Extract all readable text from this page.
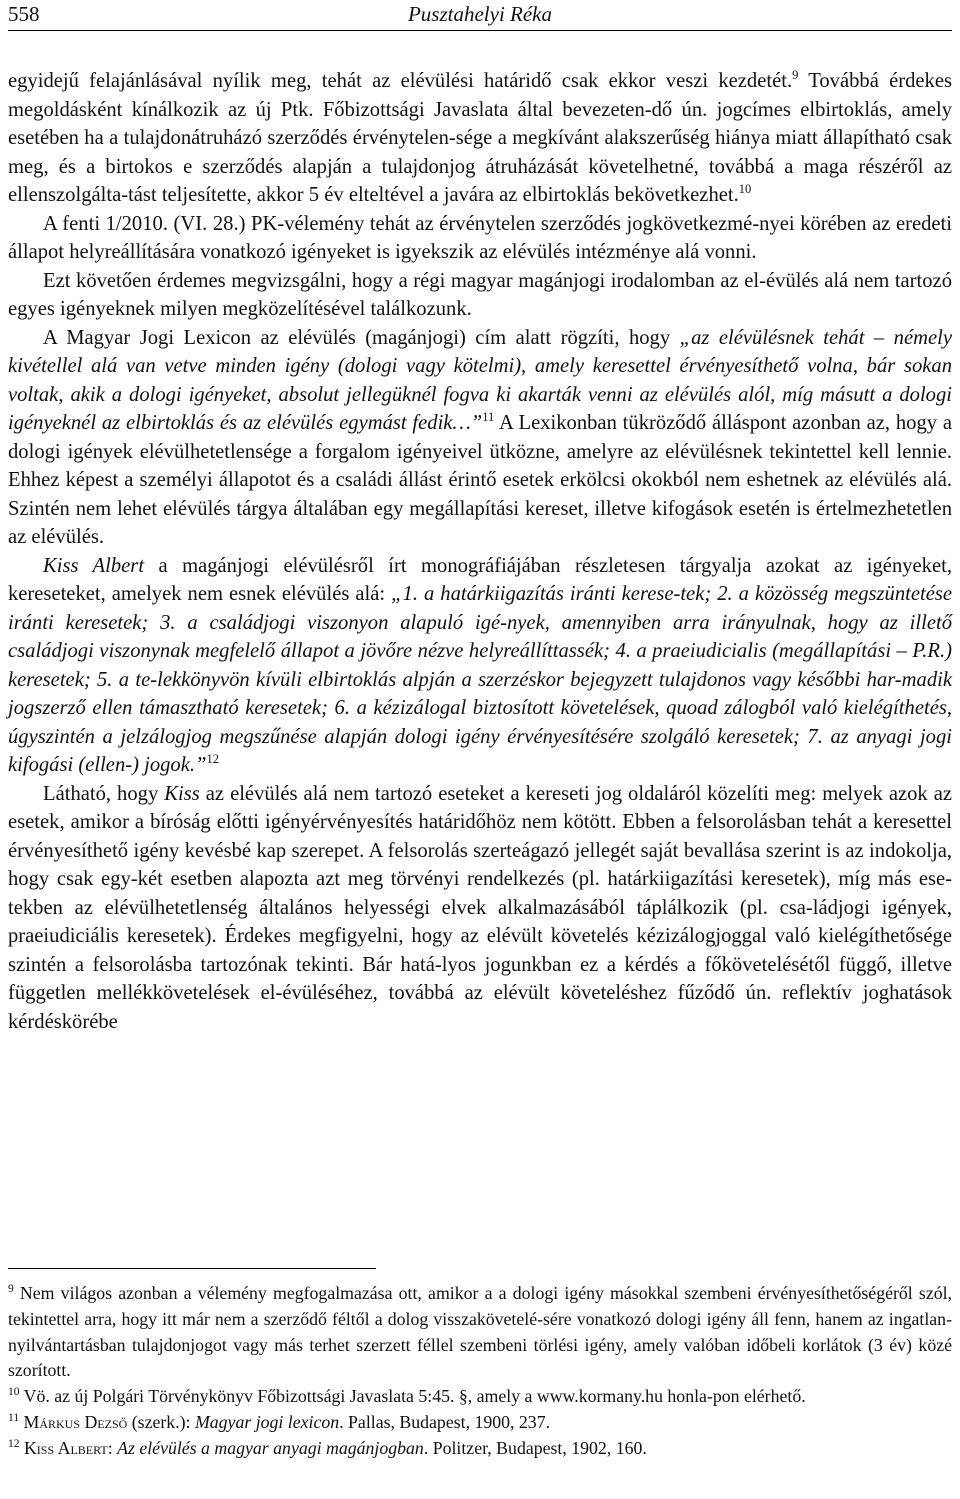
558	Pusztahelyi Réka

egyidejű felajánlásával nyílik meg, tehát az elévülési határidő csak ekkor veszi kezdetét.$^9$ Továbbá érdekes megoldásként kínálkozik az új Ptk. Főbizottsági Javaslata által bevezeten-dő ún. jogcímes elbirtoklás, amely esetében ha a tulajdonátruházó szerződés érvénytelen-sége a megkívánt alakszerűség hiánya miatt állapítható csak meg, és a birtokos e szerződés alapján a tulajdonjog átruházását követelhetné, továbbá a maga részéről az ellenszolgálta-tást teljesítette, akkor 5 év elteltével a javára az elbirtoklás bekövetkezhet.$^{10}$

A fenti 1/2010. (VI. 28.) PK-vélemény tehát az érvénytelen szerződés jogkövetkezmé-nyei körében az eredeti állapot helyreállítására vonatkozó igényeket is igyekszik az elévülés intézménye alá vonni.

Ezt követően érdemes megvizsgálni, hogy a régi magyar magánjogi irodalomban az el-évülés alá nem tartozó egyes igényeknek milyen megközelítésével találkozunk.

A Magyar Jogi Lexicon az elévülés (magánjogi) cím alatt rögzíti, hogy „az elévülésnek tehát – némely kivétellel alá van vetve minden igény (dologi vagy kötelmi), amely keresettel érvényesíthető volna, bár sokan voltak, akik a dologi igényeket, absolut jellegüknél fogva ki akarták venni az elévülés alól, míg másutt a dologi igényeknél az elbirtoklás és az elévülés egymást fedik…”$^{11}$ A Lexikonban tükröződő álláspont azonban az, hogy a dologi igények elévülhetetlensége a forgalom igényeivel ütközne, amelyre az elévülésnek tekintettel kell lennie. Ehhez képest a személyi állapotot és a családi állást érintő esetek erkölcsi okokból nem eshetnek az elévülés alá. Szintén nem lehet elévülés tárgya általában egy megállapítási kereset, illetve kifogások esetén is értelmezhetetlen az elévülés.

Kiss Albert a magánjogi elévülésről írt monográfiájában részletesen tárgyalja azokat az igényeket, kereseteket, amelyek nem esnek elévülés alá: „1. a határkiigazítás iránti kerese-tek; 2. a közösség megszüntetése iránti keresetek; 3. a családjogi viszonyon alapuló igé-nyek, amennyiben arra irányulnak, hogy az illető családjogi viszonynak megfelelő állapot a jövőre nézve helyreállíttassék; 4. a praeiudicialis (megállapítási – P.R.) keresetek; 5. a te-lekkönyvön kívüli elbirtoklás alpján a szerzéskor bejegyzett tulajdonos vagy későbbi har-madik jogszerző ellen támasztható keresetek; 6. a kézizálogal biztosított követelések, quoad zálogból való kielégíthetés, úgyszintén a jelzálogjog megszűnése alapján dologi igény érvényesítésére szolgáló keresetek; 7. az anyagi jogi kifogási (ellen-) jogok.”$^{12}$

Látható, hogy Kiss az elévülés alá nem tartozó eseteket a kereseti jog oldaláról közelíti meg: melyek azok az esetek, amikor a bíróság előtti igényérvényesítés határidőhöz nem kötött. Ebben a felsorolásban tehát a keresettel érvényesíthető igény kevésbé kap szerepet. A felsorolás szerteágazó jellegét saját bevallása szerint is az indokolja, hogy csak egy-két esetben alapozta azt meg törvényi rendelkezés (pl. határkiigazítási keresetek), míg más ese-tekben az elévülhetetlenség általános helyességi elvek alkalmazásából táplálkozik (pl. csa-ládjogi igények, praeiudiciális keresetek). Érdekes megfigyelni, hogy az elévült követelés kézizálogjoggal való kielégíthetősége szintén a felsorolásba tartozónak tekinti. Bár hatá-lyos jogunkban ez a kérdés a főkövetelésétől függő, illetve független mellékkövetelések el-évüléséhez, továbbá az elévült követeléshez fűződő ún. reflektív joghatások kérdéskörébe

$^9$ Nem világos azonban a vélemény megfogalmazása ott, amikor a a dologi igény másokkal szembeni érvényesíthetőségéről szól, tekintettel arra, hogy itt már nem a szerződő féltől a dolog visszakövetelé-sére vonatkozó dologi igény áll fenn, hanem az ingatlan-nyilvántartásban tulajdonjogot vagy más terhet szerzett féllel szembeni törlési igény, amely valóban időbeli korlátok (3 év) közé szorított.

$^{10}$ Vö. az új Polgári Törvénykönyv Főbizottsági Javaslata 5:45. §, amely a www.kormany.hu honla-pon elérhető.

$^{11}$ Márkus Dezső (szerk.): Magyar jogi lexicon. Pallas, Budapest, 1900, 237.

$^{12}$ Kiss Albert: Az elévülés a magyar anyagi magánjogban. Politzer, Budapest, 1902, 160.
